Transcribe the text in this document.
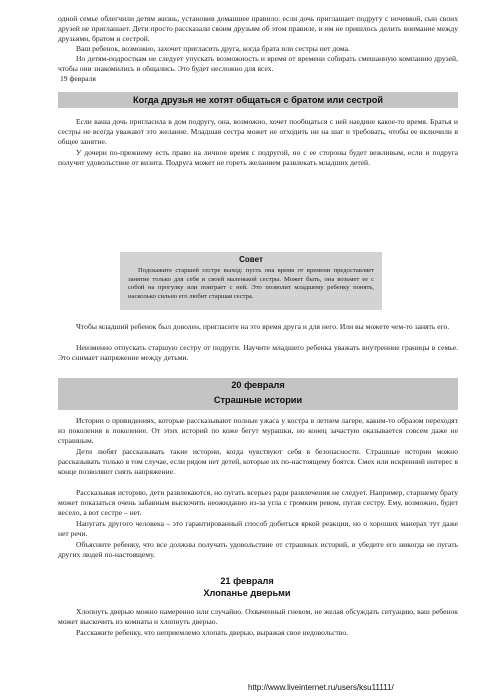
одной семье облегчили детям жизнь, установив домашнее правило: если дочь приглашает подругу с ночевкой, сын своих друзей не приглашает. Дети просто рассказали своим друзьям об этом правиле, и им не пришлось делить внимание между друзьями, братом и сестрой.

Ваш ребенок, возможно, захочет пригласить друга, когда брата или сестры нет дома.

Но детям-подросткам не следует упускать возможность и время от времени собирать смешанную компанию друзей, чтобы они знакомились и общались. Это будет несложно для всех.

19 февраля

Когда друзья не хотят общаться с братом или сестрой

Если ваша дочь пригласила в дом подругу, она, возможно, хочет пообщаться с ней наедине какое-то время. Братья и сестры не всегда уважают это желание. Младшая сестра может не отходить ни на шаг и требовать, чтобы ее включили в общее занятие.

У дочери по-прежнему есть право на личное время с подругой, но с ее стороны будет вежливым, если и подруга получит удовольствие от визита. Подруга может не гореть желанием развлекать младших детей.

Совет

Подскажите старшей сестре выход: пусть она время от времени предоставляет занятие только для себя и своей маленькой сестры. Может быть, она возьмет ее с собой на прогулку или поиграет с ней. Это позволит младшему ребенку понять, насколько сильно его любит старшая сестра.

Чтобы младший ребенок был доволен, пригласите на это время друга и для него. Или вы можете чем-то занять его.

Неизменно отпускать старшую сестру от подруги. Научите младшего ребенка уважать внутренние границы в семье. Это снимает напряжение между детьми.

20 февраля

Страшные истории

Истории о привидениях, которые рассказывают полные ужаса у костра в летнем лагере, каким-то образом переходят из поколения в поколение. От этих историй по коже бегут мурашки, но конец зачастую оказывается совсем даже не страшным.

Дети любят рассказывать такие истории, когда чувствуют себя в безопасности. Страшные истории можно рассказывать только в том случае, если рядом нет детей, которые их по-настоящему боятся. Смех или искренний интерес в конце позволяют снять напряжение.

Рассказывая историю, дети развлекаются, но пугать всерьез ради развлечения не следует. Например, старшему брату может показаться очень забавным выскочить неожиданно из-за угла с громким ревом, пугая сестру. Ему, возможно, будет весело, а вот сестре – нет.

Напугать другого человека – это гарантированный способ добиться яркой реакции, но о хороших манерах тут даже нет речи.

Объясните ребенку, что все должны получать удовольствие от страшных историй, и убедите его никогда не пугать других людей по-настоящему.

21 февраля

Хлопанье дверьми

Хлопнуть дверью можно намеренно или случайно. Охваченный гневом, не желая обсуждать ситуацию, ваш ребенок может выскочить из комнаты и хлопнуть дверью.

Расскажите ребенку, что неприемлемо хлопать дверью, выражая свое недовольство.

http://www.liveinternet.ru/users/ksu11111/
